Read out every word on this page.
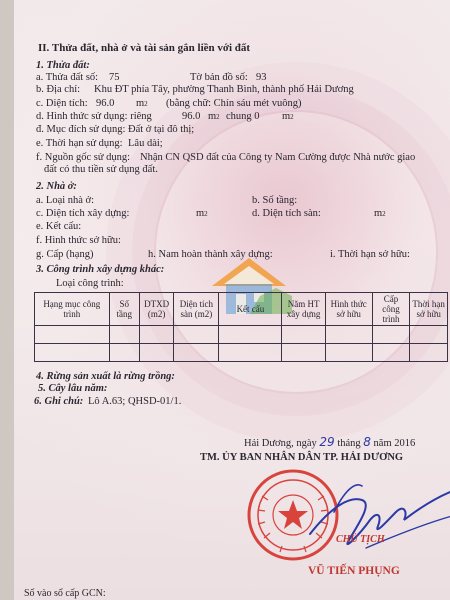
II. Thửa đất, nhà ở và tài sản gắn liền với đất
1. Thửa đất:
a. Thửa đất số: 75	Tờ bản đồ số: 93
b. Địa chỉ: Khu ĐT phía Tây, phường Thanh Bình, thành phố Hải Dương
c. Diện tích: 96.0 $m^2$ (bằng chữ: Chín sáu mét vuông)
d. Hình thức sử dụng: riêng	96.0 $m^2$ chung 0 $m^2$
đ. Mục đích sử dụng: Đất ở tại đô thị;
e. Thời hạn sử dụng: Lâu dài;
f. Nguồn gốc sử dụng: Nhận CN QSD đất của Công ty Nam Cường được Nhà nước giao
đất có thu tiền sử dụng đất.
2. Nhà ở:
a. Loại nhà ở:	b. Số tầng:
c. Diện tích xây dựng:	$m^2$	d. Diện tích sàn:	$m^2$
e. Kết cấu:
f. Hình thức sở hữu:
g. Cấp (hạng)	h. Nam hoàn thành xây dựng:	i. Thời hạn sở hữu:
3. Công trình xây dựng khác:
Loại công trình:
Hạng mục công trình	Số tầng	DTXD (m2)	Diện tích sàn (m2)	Kết cấu	Năm HT xây dựng	Hình thức sở hữu	Cấp công trình	Thời hạn sở hữu

4. Rừng sản xuất là rừng trồng:
5. Cây lâu năm:
6. Ghi chú: Lô A.63; QHSD-01/1.
Hải Dương, ngày 29 tháng 8 năm 2016
TM. ỦY BAN NHÂN DÂN TP. HẢI DƯƠNG
CHỦ TỊCH
VŨ TIẾN PHỤNG
Số vào sổ cấp GCN:
